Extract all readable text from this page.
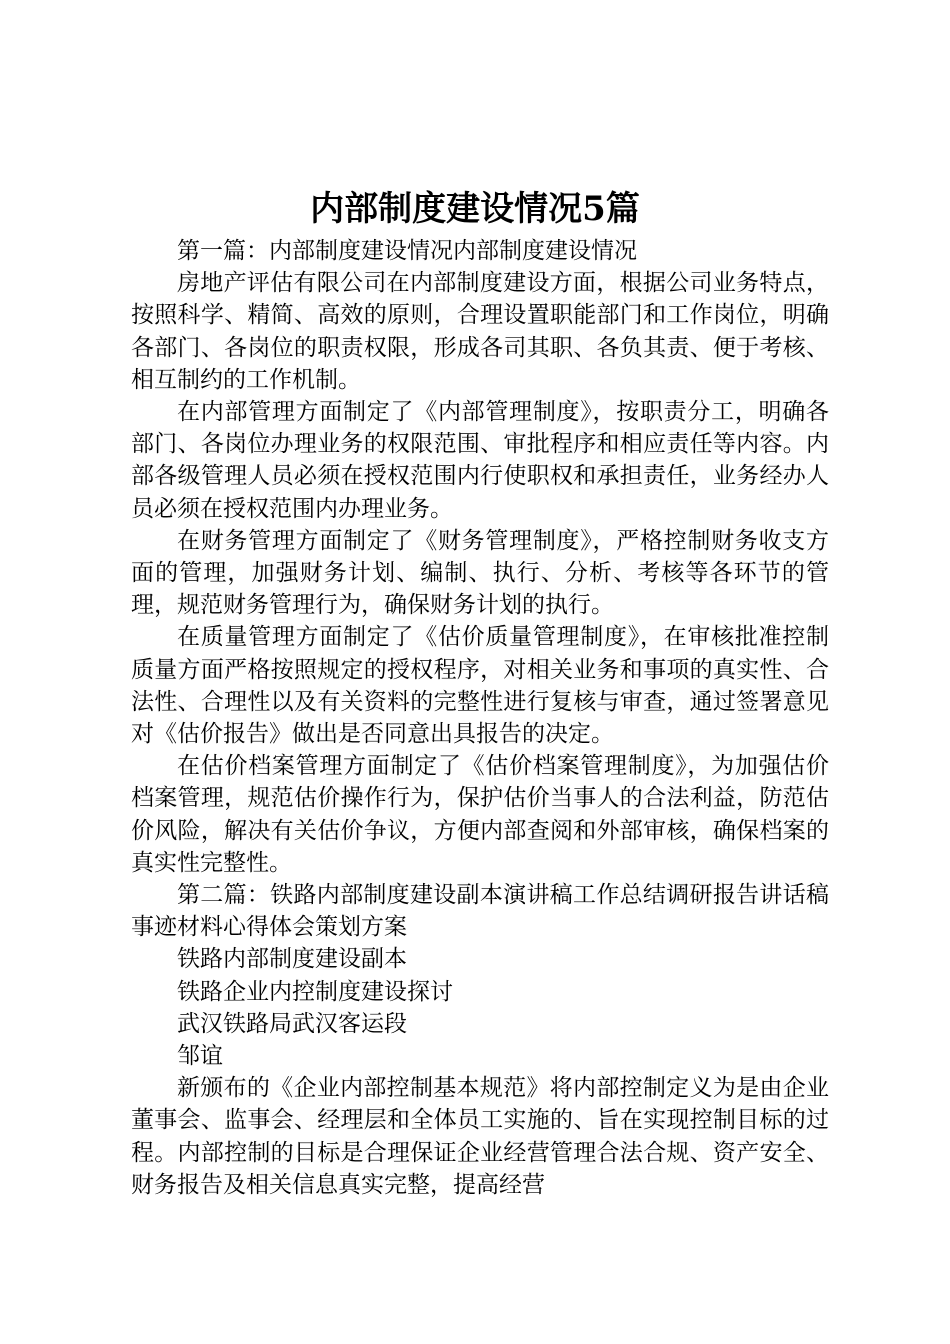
内部制度建设情况5篇

第一篇：内部制度建设情况内部制度建设情况

房地产评估有限公司在内部制度建设方面，根据公司业务特点，按照科学、精简、高效的原则，合理设置职能部门和工作岗位，明确各部门、各岗位的职责权限，形成各司其职、各负其责、便于考核、相互制约的工作机制。

在内部管理方面制定了《内部管理制度》，按职责分工，明确各部门、各岗位办理业务的权限范围、审批程序和相应责任等内容。内部各级管理人员必须在授权范围内行使职权和承担责任，业务经办人员必须在授权范围内办理业务。

在财务管理方面制定了《财务管理制度》，严格控制财务收支方面的管理，加强财务计划、编制、执行、分析、考核等各环节的管理，规范财务管理行为，确保财务计划的执行。

在质量管理方面制定了《估价质量管理制度》，在审核批准控制质量方面严格按照规定的授权程序，对相关业务和事项的真实性、合法性、合理性以及有关资料的完整性进行复核与审查，通过签署意见对《估价报告》做出是否同意出具报告的决定。

在估价档案管理方面制定了《估价档案管理制度》，为加强估价档案管理，规范估价操作行为，保护估价当事人的合法利益，防范估价风险，解决有关估价争议，方便内部查阅和外部审核，确保档案的真实性完整性。

第二篇：铁路内部制度建设副本演讲稿工作总结调研报告讲话稿事迹材料心得体会策划方案

铁路内部制度建设副本

铁路企业内控制度建设探讨

武汉铁路局武汉客运段

邹谊

新颁布的《企业内部控制基本规范》将内部控制定义为是由企业董事会、监事会、经理层和全体员工实施的、旨在实现控制目标的过程。内部控制的目标是合理保证企业经营管理合法合规、资产安全、财务报告及相关信息真实完整，提高经营
